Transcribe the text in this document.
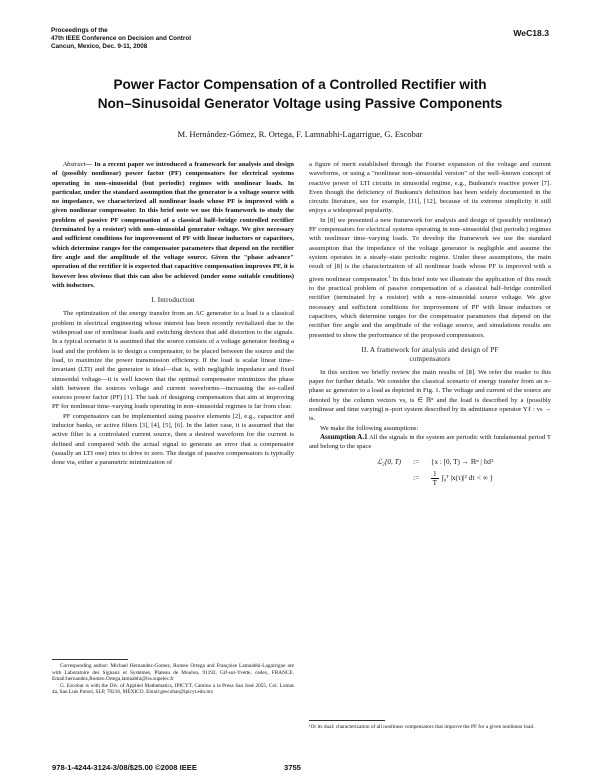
Proceedings of the
47th IEEE Conference on Decision and Control
Cancun, Mexico, Dec. 9-11, 2008
WeC18.3
Power Factor Compensation of a Controlled Rectifier with
Non–Sinusoidal Generator Voltage using Passive Components
M. Hernández-Gómez, R. Ortega, F. Lamnabhi-Lagarrigue, G. Escobar

Abstract— In a recent paper we introduced a framework for analysis and design of (possibly nonlinear) power factor (PF) compensators for electrical systems operating in non–sinusoidal (but periodic) regimes with nonlinear loads. In particular, under the standard assumption that the generator is a voltage source with no impedance, we characterized all nonlinear loads whose PF is improved with a given nonlinear compensator. In this brief note we use this framework to study the problem of passive PF compensation of a classical half–bridge controlled rectifier (terminated by a resistor) with non–sinusoidal generator voltage. We give necessary and sufficient conditions for improvement of PF with linear inductors or capacitors, which determine ranges for the compensator parameters that depend on the rectifier fire angle and the amplitude of the voltage source. Given the "phase advance" operation of the rectifier it is expected that capacitive compensation improves PF, it is however less obvious that this can also be achieved (under some suitable conditions) with inductors.

I. Introduction

The optimization of the energy transfer from an AC generator to a load is a classical problem in electrical engineering whose interest has been recently revitalized due to the widespread use of nonlinear loads and switching devices that add distortion to the signals. In a typical scenario it is assumed that the source consists of a voltage generator feeding a load and the problem is to design a compensator, to be placed between the source and the load, to maximize the power transmission efficiency. If the load is scalar linear time–invariant (LTI) and the generator is ideal—that is, with negligible impedance and fixed sinusoidal voltage—it is well known that the optimal compensator minimizes the phase shift between the sources voltage and current waveforms—increasing the so–called sources power factor (PF) [1]. The task of designing compensators that aim at improving PF for nonlinear time–varying loads operating in non–sinusoidal regimes is far from clear.

PF compensators can be implemented using passive elements [2], e.g., capacitor and inductor banks, or active filters [3], [4], [5], [6]. In the latter case, it is assumed that the active filter is a controlated current source, then a desired waveform for the current is defined and compared with the actual signal to generate an error that a compensator (usually an LTI one) tries to drive to zero. The design of passive compensators is typically done via, either a parametric minimization of

Corresponding author: Michael Hernandez-Gomez, Romeo Ortega and Françoise Lamnabhi-Lagarrigue are with Laboratoire des Signaux et Systèmes, Plateau de Moulon, 91192, Gif-sur-Yvette, cedex, FRANCE. Email:hernandez,Romeo.Ortega,lamnabhi@lss.supelec.fr

G. Escobar is with the Div. of Applied Mathematics, IPICYT, Camino a la Presa San José 2055, Col. Lomas 4a, San Luis Potosí, SLP, 78216, MÉXICO. Email:gescobar@ipicyt.edu.mx

a figure of merit established through the Fourier expansion of the voltage and current waveforms, or using a "nonlinear non–sinusoidal version" of the well–known concept of reactive power of LTI circuits in sinusoidal regime, e.g., Budeanu's reactive power [7]. Even though the deficiency of Budeanu's definition has been widely documented in the circuits literature, see for example, [11], [12], because of its extreme simplicity it still enjoys a widespread popularity.

In [8] we presented a new framework for analysis and design of (possibly nonlinear) PF compensators for electrical systems operating in non–sinusoidal (but periodic) regimes with nonlinear time–varying loads. To develop the framework we use the standard assumption that the impedance of the voltage generator is negligible and assume the system operates in a steady–state periodic regime. Under these assumptions, the main result of [8] is the characterization of all nonlinear loads whose PF is improved with a given nonlinear compensator.$^1$ In this brief note we illustrate the application of this result to the practical problem of passive compensation of a classical half–bridge controlled rectifier (terminated by a resistor) with a non–sinusoidal source voltage. We give necessary and sufficient conditions for improvement of PF with linear inductors or capacitors, which determine ranges for the compensator parameters that depend on the rectifier fire angle and the amplitude of the voltage source, and simulations results are presented to show the performance of the proposed compensators.

II. A framework for analysis and design of PF
compensators

In this section we briefly review the main results of [8]. We refer the reader to this paper for further details. We consider the classical scenario of energy transfer from an n–phase ac generator to a load as depicted in Fig. 1. The voltage and current of the source are denoted by the column vectors vs, is ∈ ℝⁿ and the load is described by a (possibly nonlinear and time varying) n–port system described by its admittance operator Yℓ : vs → is.

We make the following assumptions:

Assumption A.1 All the signals in the system are periodic with fundamental period T and belong to the space

ℒ₂[0, T)	:=	{x : [0, T) → ℝⁿ | ‖x‖²
:=	$\frac{1}{T}$ ∫₀ᵀ |x(τ)|² dτ < ∞ }
¹Or its dual: characterization of all nonlinear compensators that improve the PF for a given nonlinear load.
978-1-4244-3124-3/08/$25.00 ©2008 IEEE	3755
